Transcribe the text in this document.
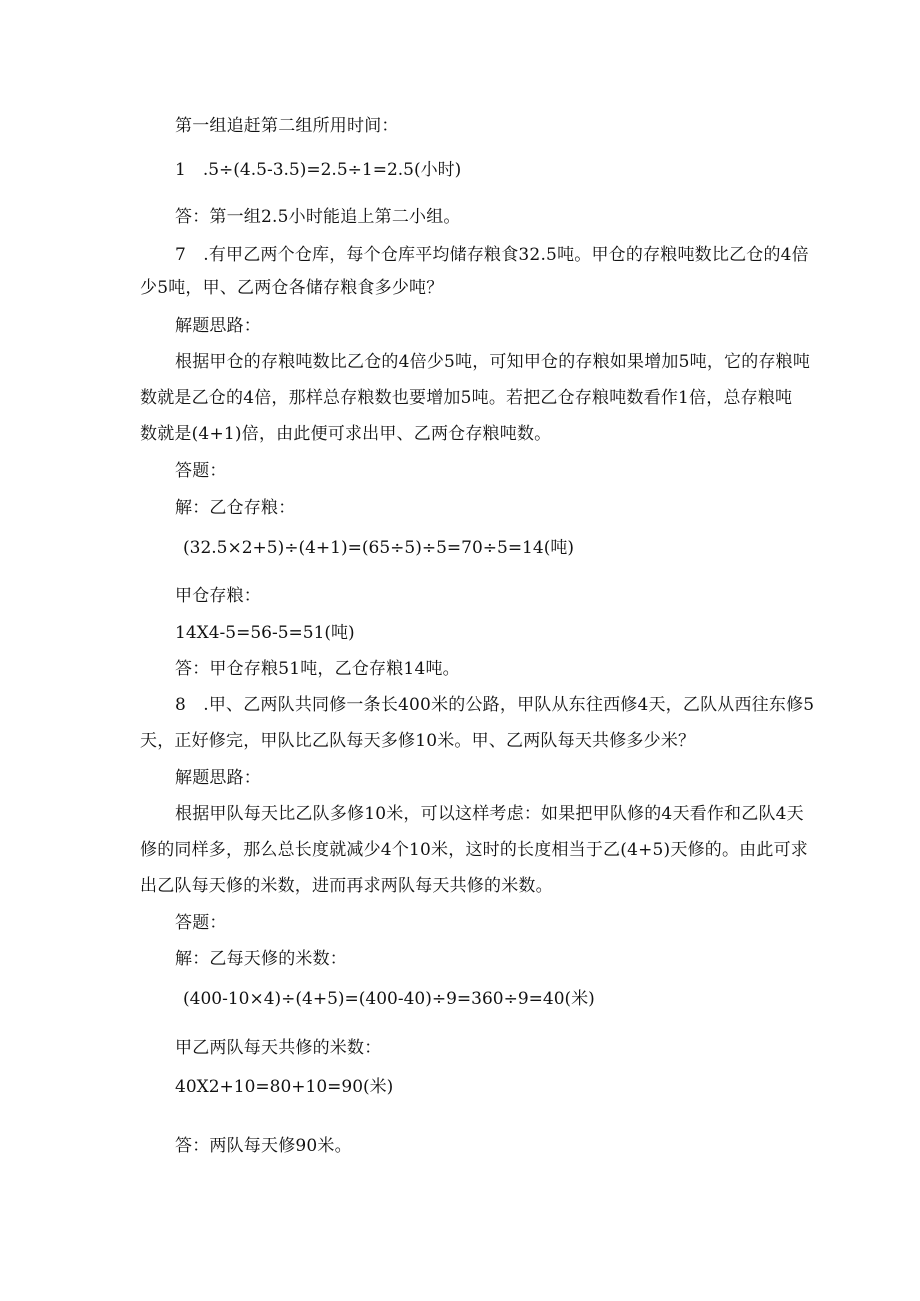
第一组追赶第二组所用时间：
1　.5÷(4.5-3.5)=2.5÷1=2.5(小时)
答：第一组2.5小时能追上第二小组。
7　.有甲乙两个仓库，每个仓库平均储存粮食32.5吨。甲仓的存粮吨数比乙仓的4倍
少5吨，甲、乙两仓各储存粮食多少吨？
解题思路：
根据甲仓的存粮吨数比乙仓的4倍少5吨，可知甲仓的存粮如果增加5吨，它的存粮吨
数就是乙仓的4倍，那样总存粮数也要增加5吨。若把乙仓存粮吨数看作1倍，总存粮吨
数就是(4+1)倍，由此便可求出甲、乙两仓存粮吨数。
答题：
解：乙仓存粮：
(32.5×2+5)÷(4+1)=(65÷5)÷5=70÷5=14(吨)
甲仓存粮：
14X4-5=56-5=51(吨)
答：甲仓存粮51吨，乙仓存粮14吨。
8　.甲、乙两队共同修一条长400米的公路，甲队从东往西修4天，乙队从西往东修5
天，正好修完，甲队比乙队每天多修10米。甲、乙两队每天共修多少米？
解题思路：
根据甲队每天比乙队多修10米，可以这样考虑：如果把甲队修的4天看作和乙队4天
修的同样多，那么总长度就减少4个10米，这时的长度相当于乙(4+5)天修的。由此可求
出乙队每天修的米数，进而再求两队每天共修的米数。
答题：
解：乙每天修的米数：
(400-10×4)÷(4+5)=(400-40)÷9=360÷9=40(米)
甲乙两队每天共修的米数：
40X2+10=80+10=90(米)
答：两队每天修90米。
